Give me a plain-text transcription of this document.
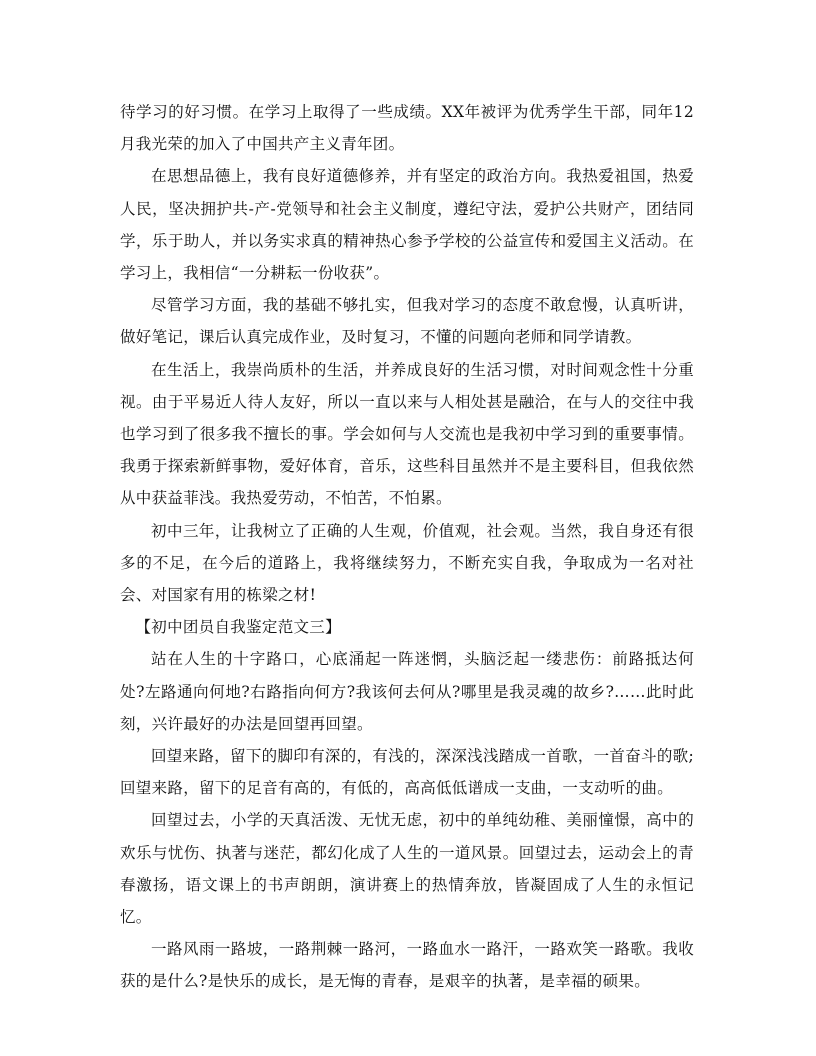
待学习的好习惯。在学习上取得了一些成绩。XX年被评为优秀学生干部，同年12月我光荣的加入了中国共产主义青年团。

在思想品德上，我有良好道德修养，并有坚定的政治方向。我热爱祖国，热爱人民，坚决拥护共-产-党领导和社会主义制度，遵纪守法，爱护公共财产，团结同学，乐于助人，并以务实求真的精神热心参予学校的公益宣传和爱国主义活动。在学习上，我相信“一分耕耘一份收获”。

尽管学习方面，我的基础不够扎实，但我对学习的态度不敢怠慢，认真听讲，做好笔记，课后认真完成作业，及时复习，不懂的问题向老师和同学请教。

在生活上，我崇尚质朴的生活，并养成良好的生活习惯，对时间观念性十分重视。由于平易近人待人友好，所以一直以来与人相处甚是融洽，在与人的交往中我也学习到了很多我不擅长的事。学会如何与人交流也是我初中学习到的重要事情。我勇于探索新鲜事物，爱好体育，音乐，这些科目虽然并不是主要科目，但我依然从中获益菲浅。我热爱劳动，不怕苦，不怕累。

初中三年，让我树立了正确的人生观，价值观，社会观。当然，我自身还有很多的不足，在今后的道路上，我将继续努力，不断充实自我，争取成为一名对社会、对国家有用的栋梁之材!

【初中团员自我鉴定范文三】

站在人生的十字路口，心底涌起一阵迷惘，头脑泛起一缕悲伤：前路抵达何处?左路通向何地?右路指向何方?我该何去何从?哪里是我灵魂的故乡?……此时此刻，兴许最好的办法是回望再回望。

回望来路，留下的脚印有深的，有浅的，深深浅浅踏成一首歌，一首奋斗的歌;回望来路，留下的足音有高的，有低的，高高低低谱成一支曲，一支动听的曲。

回望过去，小学的天真活泼、无忧无虑，初中的单纯幼稚、美丽憧憬，高中的欢乐与忧伤、执著与迷茫，都幻化成了人生的一道风景。回望过去，运动会上的青春激扬，语文课上的书声朗朗，演讲赛上的热情奔放，皆凝固成了人生的永恒记忆。

一路风雨一路坡，一路荆棘一路河，一路血水一路汗，一路欢笑一路歌。我收获的是什么?是快乐的成长，是无悔的青春，是艰辛的执著，是幸福的硕果。
